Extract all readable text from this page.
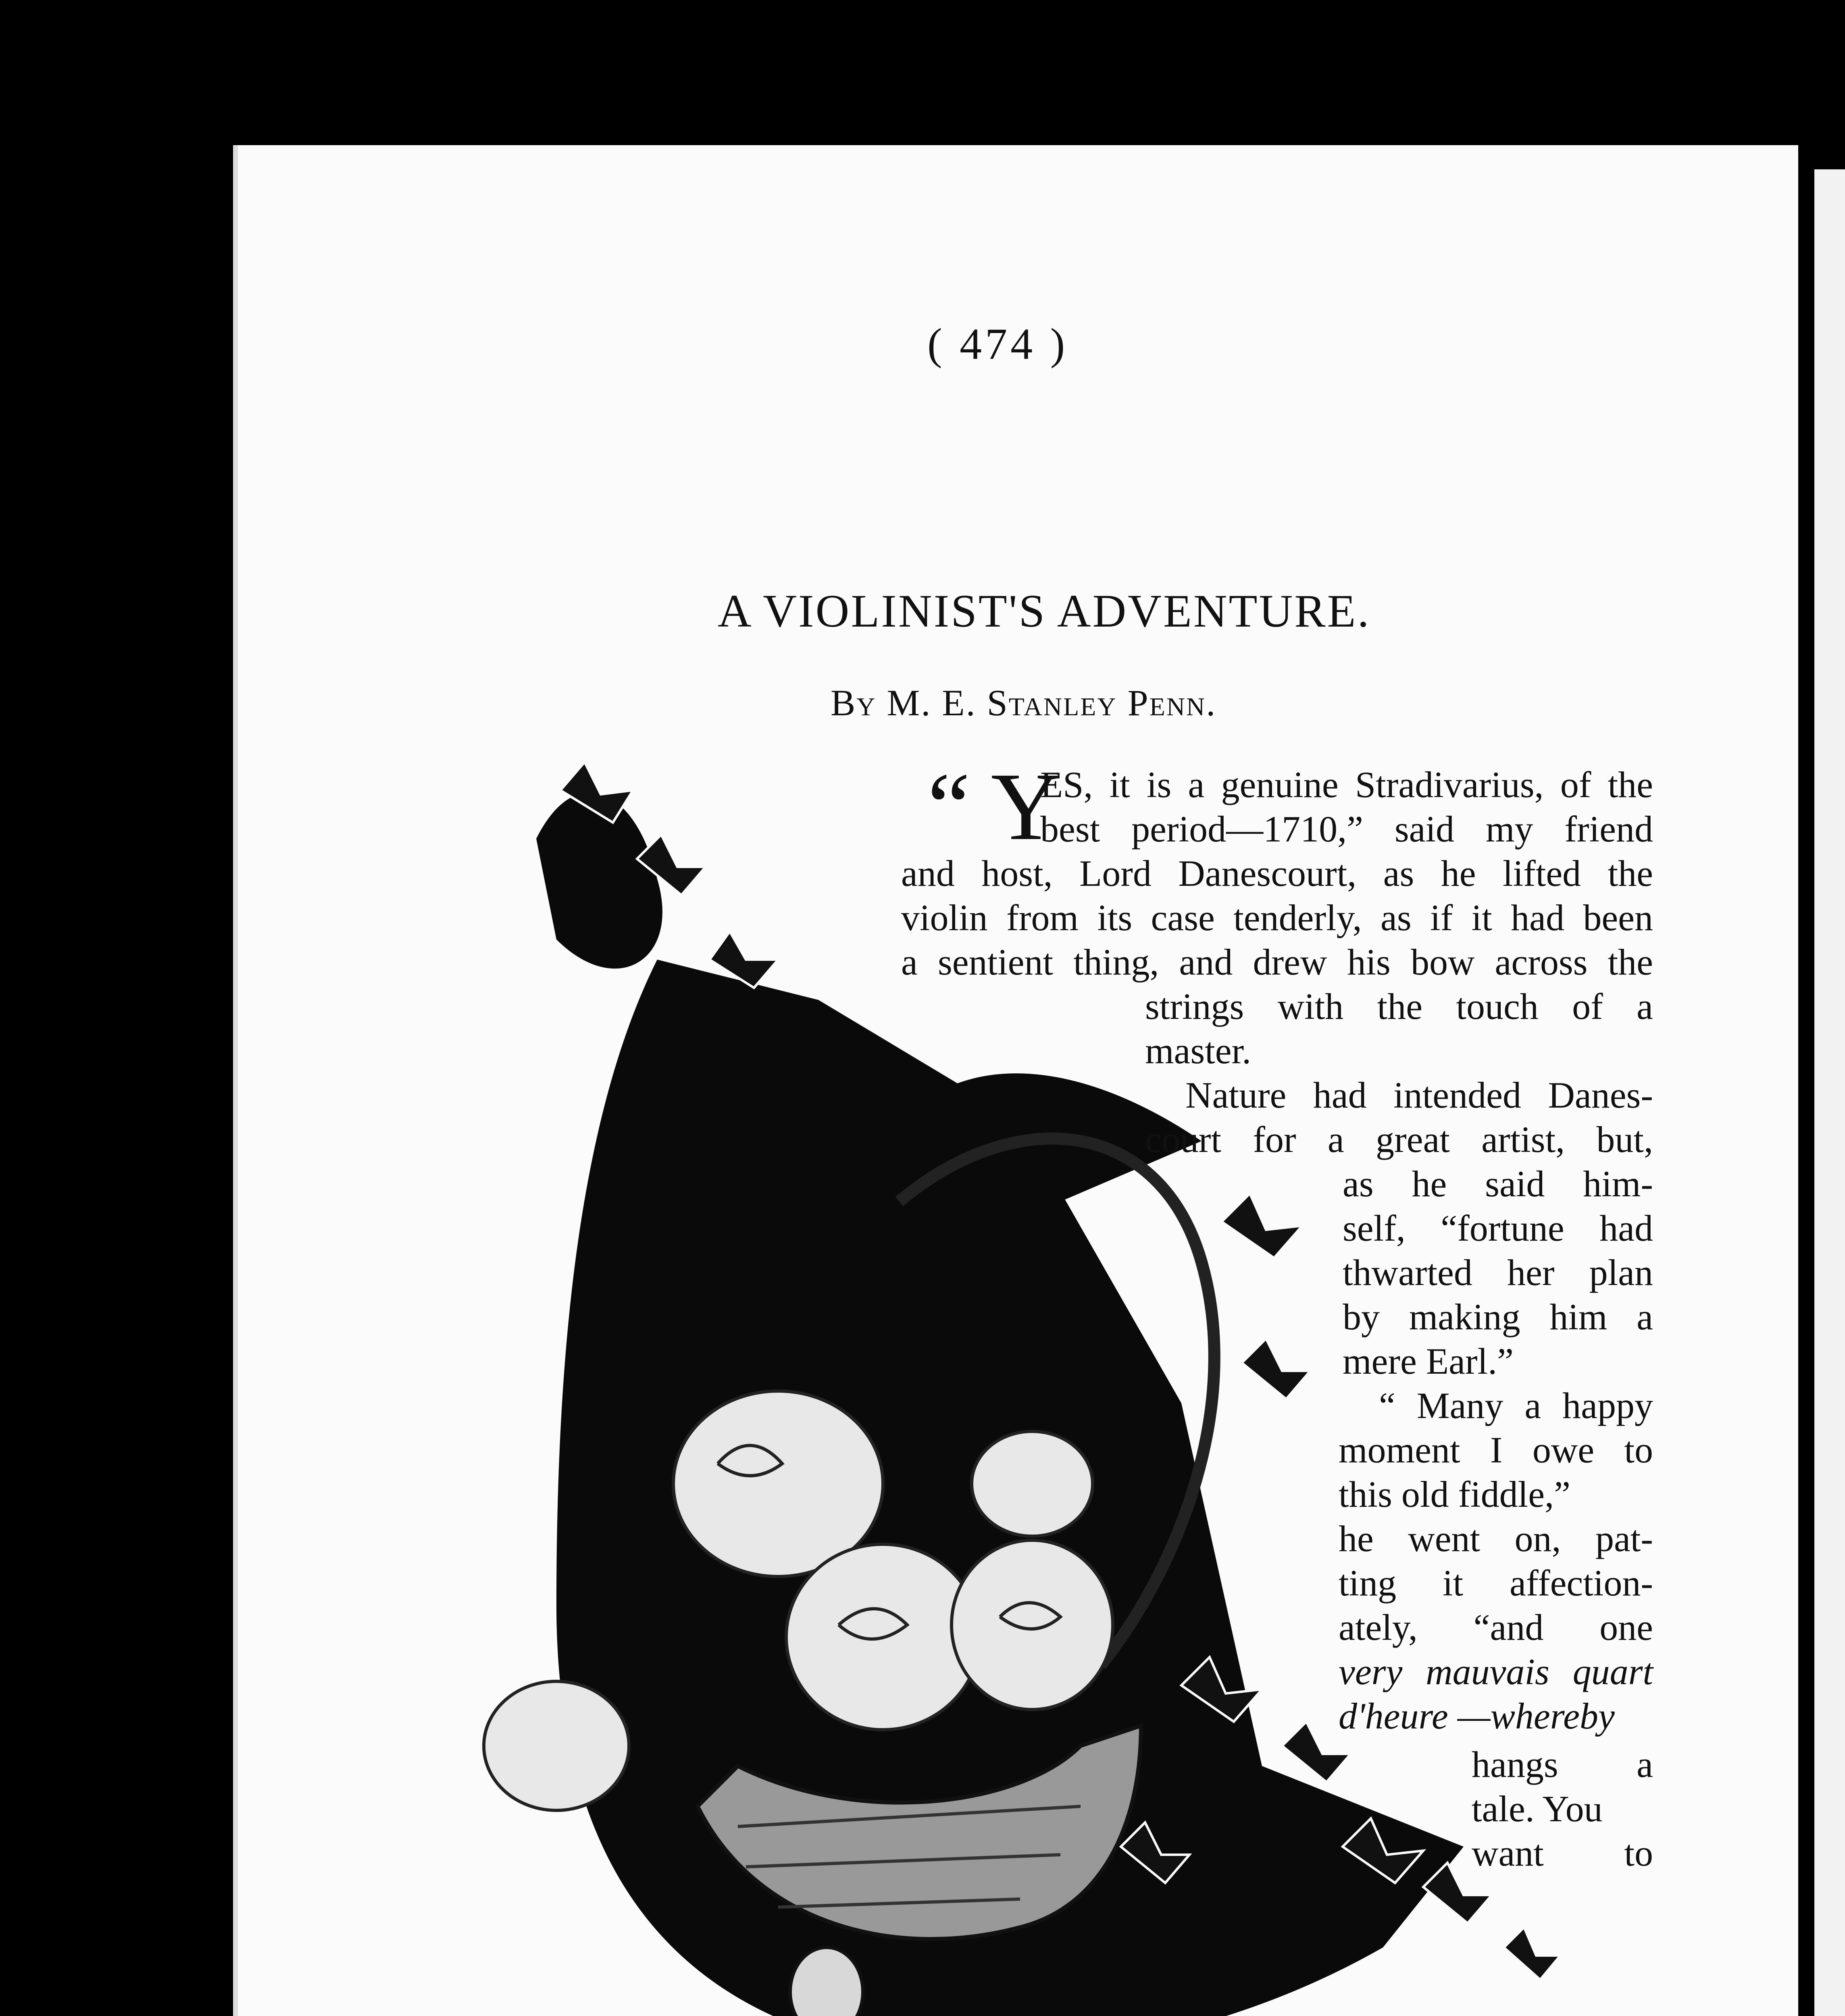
( 474 )
A VIOLINIST'S ADVENTURE.
By M. E. Stanley Penn.
“ Y
ES, it is a genuine Stradivarius, of the
best period—1710,” said my friend
and host, Lord Danescourt, as he lifted the
violin from its case tenderly, as if it had been
a sentient thing, and drew his bow across the
strings with the touch of a
master.
Nature had intended Danes-
court for a great artist, but,
as he said him-
self, “fortune had
thwarted her plan
by making him a
mere Earl.”
“ Many a happy
moment I owe to
this old fiddle,”
he went on, pat-
ting it affection-
ately, “and one
very mauvais quart
d'heure —whereby
hangs a
tale. You
want to
